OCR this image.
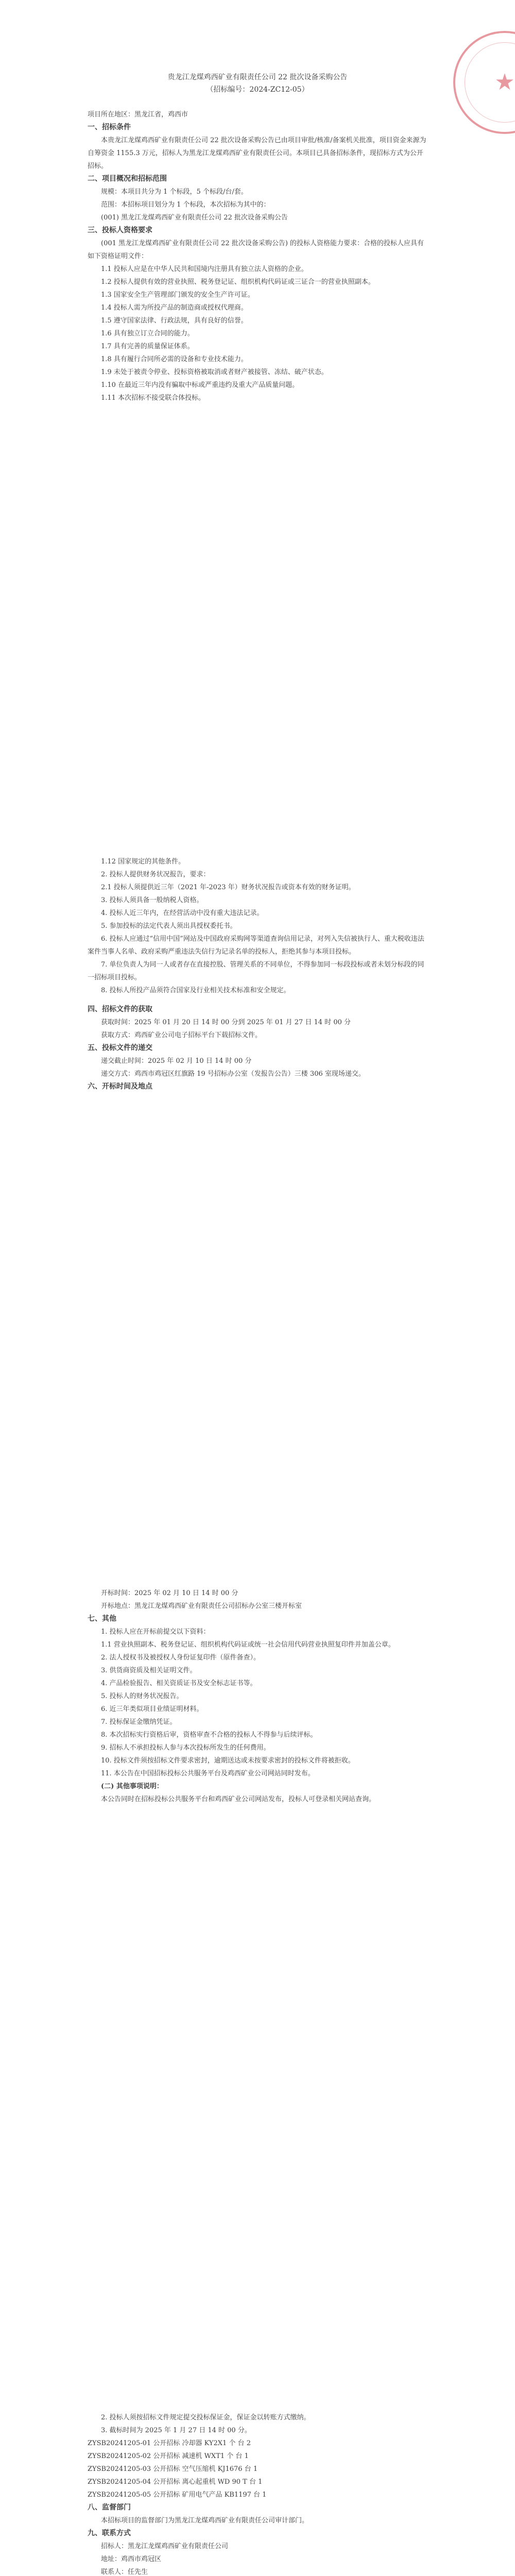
贵龙江龙煤鸡西矿业有限责任公司 22 批次设备采购公告

（招标编号：2024-ZC12-05）

项目所在地区：黑龙江省，鸡西市

一、招标条件

本贵龙江龙煤鸡西矿业有限责任公司 22 批次设备采购公告已由项目审批/核准/备案机关批准，项目资金来源为自筹资金 1155.3 万元，招标人为黑龙江龙煤鸡西矿业有限责任公司。本项目已具备招标条件，现招标方式为公开招标。

二、项目概况和招标范围

规模：本项目共分为 1 个标段，5 个标段/台/套。

范围：本招标项目划分为 1 个标段，本次招标为其中的：

(001) 黑龙江龙煤鸡西矿业有限责任公司 22 批次设备采购公告

三、投标人资格要求

(001 黑龙江龙煤鸡西矿业有限责任公司 22 批次设备采购公告) 的投标人资格能力要求：合格的投标人应具有如下资格证明文件：

1.1 投标人应是在中华人民共和国境内注册具有独立法人资格的企业。

1.2 投标人提供有效的营业执照、税务登记证、组织机构代码证或三证合一的营业执照副本。

1.3 国家安全生产管理部门颁发的安全生产许可证。

1.4 投标人需为所投产品的制造商或授权代理商。

1.5 遵守国家法律、行政法规，具有良好的信誉。

1.6 具有独立订立合同的能力。

1.7 具有完善的质量保证体系。

1.8 具有履行合同所必需的设备和专业技术能力。

1.9 未处于被责令停业、投标资格被取消或者财产被接管、冻结、破产状态。

1.10 在最近三年内没有骗取中标或严重违约及重大产品质量问题。

1.11 本次招标不接受联合体投标。

★

1.12 国家规定的其他条件。

2. 投标人提供财务状况报告，要求：

2.1 投标人须提供近三年（2021 年-2023 年）财务状况报告或资本有效的财务证明。

3. 投标人须具备一般纳税人资格。

4. 投标人近三年内，在经营活动中没有重大违法记录。

5. 参加投标的法定代表人须出具授权委托书。

6. 投标人应通过“信用中国”网站及中国政府采购网等渠道查询信用记录，对列入失信被执行人、重大税收违法案件当事人名单、政府采购严重违法失信行为记录名单的投标人，拒绝其参与本项目投标。

7. 单位负责人为同一人或者存在直接控股、管理关系的不同单位，不得参加同一标段投标或者未划分标段的同一招标项目投标。

8. 投标人所投产品须符合国家及行业相关技术标准和安全规定。

四、招标文件的获取

获取时间：2025 年 01 月 20 日 14 时 00 分到 2025 年 01 月 27 日 14 时 00 分

获取方式：鸡西矿业公司电子招标平台下载招标文件。

五、投标文件的递交

递交截止时间：2025 年 02 月 10 日 14 时 00 分

递交方式：鸡西市鸡冠区红旗路 19 号招标办公室（发报告公告）三楼 306 室现场递交。

六、开标时间及地点

开标时间：2025 年 02 月 10 日 14 时 00 分

开标地点：黑龙江龙煤鸡西矿业有限责任公司招标办公室三楼开标室

七、其他

1. 投标人应在开标前提交以下资料：

1.1 营业执照副本、税务登记证、组织机构代码证或统一社会信用代码营业执照复印件并加盖公章。

2. 法人授权书及被授权人身份证复印件（原件备查）。

3. 供货商资质及相关证明文件。

4. 产品检验报告、相关资质证书及安全标志证书等。

5. 投标人的财务状况报告。

6. 近三年类似项目业绩证明材料。

7. 投标保证金缴纳凭证。

8. 本次招标实行资格后审，资格审查不合格的投标人不得参与后续评标。

9. 招标人不承担投标人参与本次投标所发生的任何费用。

10. 投标文件须按招标文件要求密封，逾期送达或未按要求密封的投标文件将被拒收。

11. 本公告在中国招标投标公共服务平台及鸡西矿业公司网站同时发布。

(二) 其他事项说明：

本公告同时在招标投标公共服务平台和鸡西矿业公司网站发布，投标人可登录相关网站查询。

2. 投标人须按招标文件规定提交投标保证金，保证金以转账方式缴纳。

3. 截标时间为 2025 年 1 月 27 日 14 时 00 分。

ZYSB20241205-01 公开招标 冷却器 KY2X1 个 台 2

ZYSB20241205-02 公开招标 减速机 WXT1 个 台 1

ZYSB20241205-03 公开招标 空气压缩机 KJ1676 台 1

ZYSB20241205-04 公开招标 离心起重机 WD 90 T 台 1

ZYSB20241205-05 公开招标 矿用电气产品 KB1197 台 1

八、监督部门

本招标项目的监督部门为黑龙江龙煤鸡西矿业有限责任公司审计部门。

九、联系方式

招标人：黑龙江龙煤鸡西矿业有限责任公司

地址：鸡西市鸡冠区

联系人：任先生
